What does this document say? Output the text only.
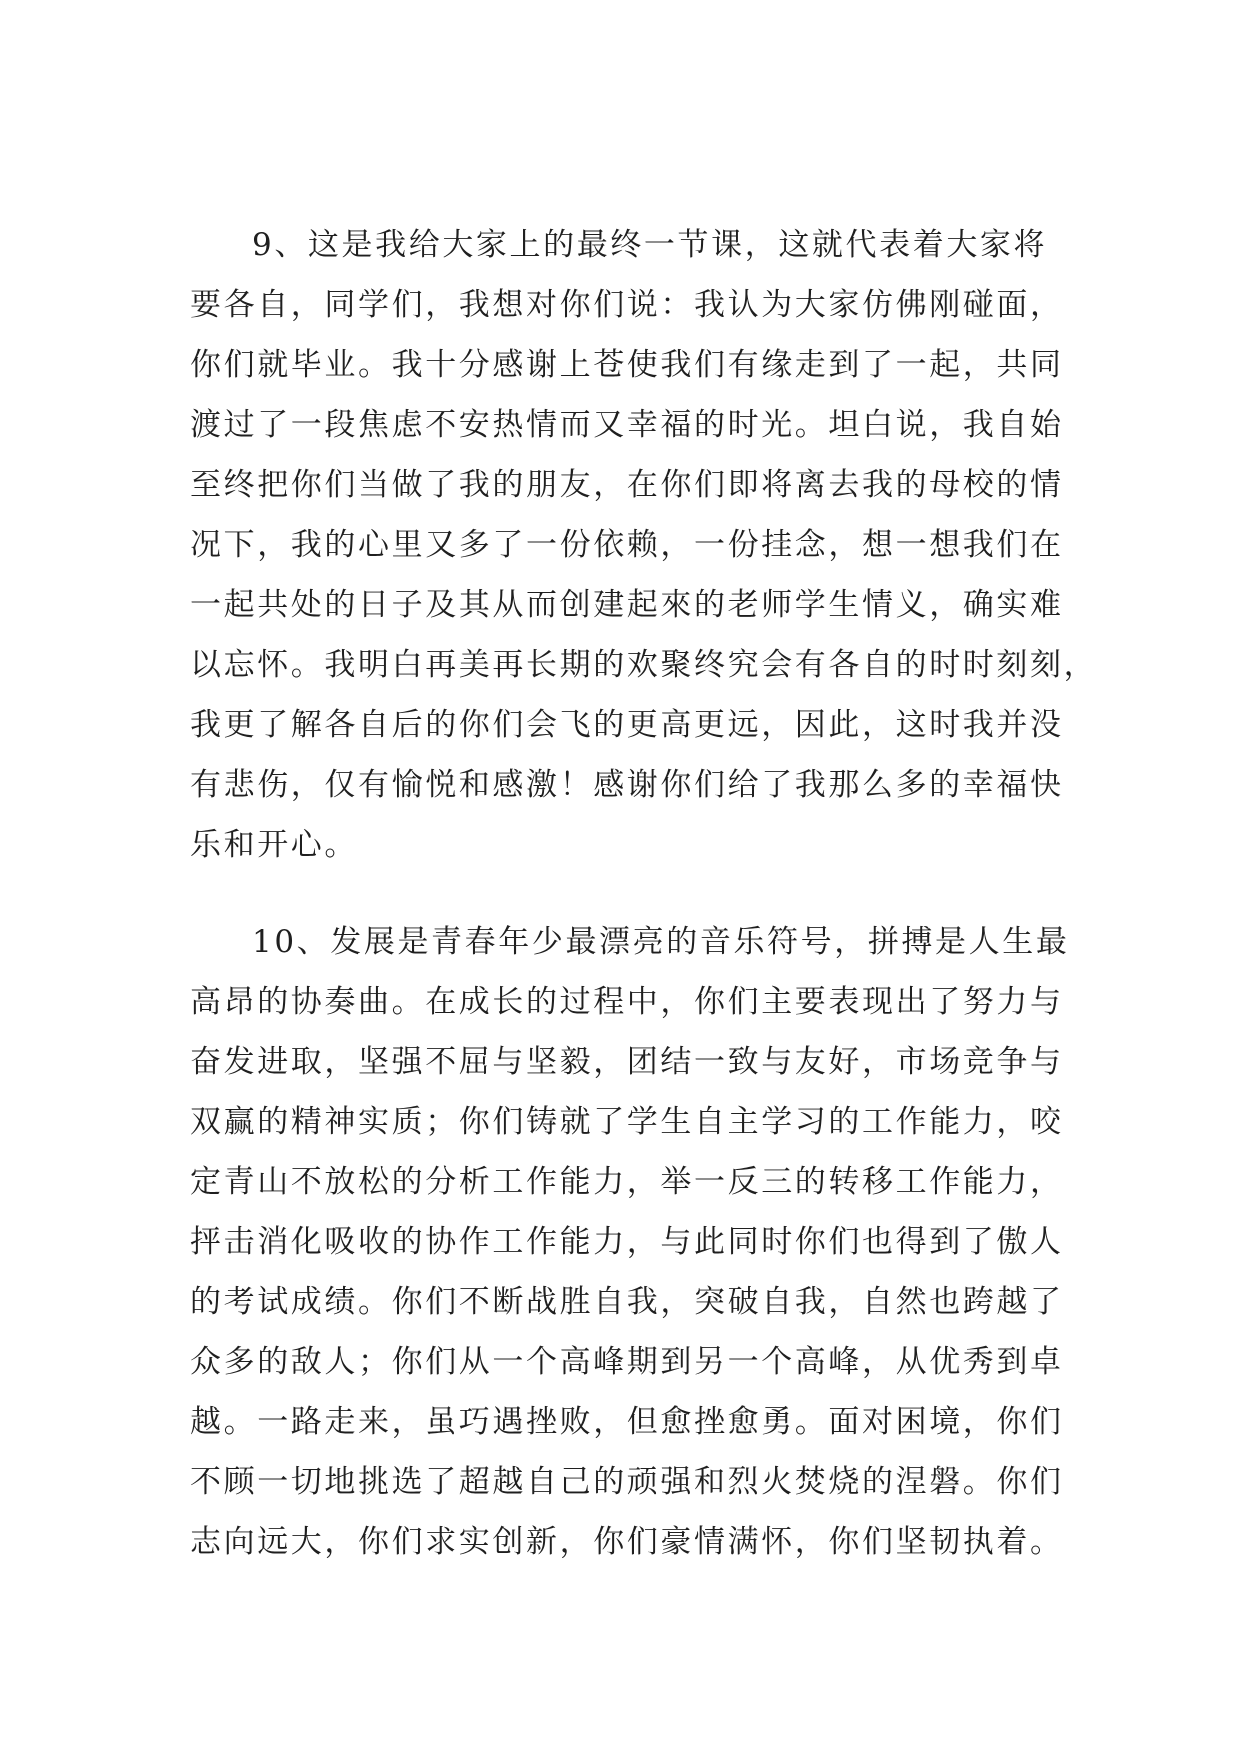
9、这是我给大家上的最终一节课，这就代表着大家将
要各自，同学们，我想对你们说：我认为大家仿佛刚碰面，
你们就毕业。我十分感谢上苍使我们有缘走到了一起，共同
渡过了一段焦虑不安热情而又幸福的时光。坦白说，我自始
至终把你们当做了我的朋友，在你们即将离去我的母校的情
况下，我的心里又多了一份依赖，一份挂念，想一想我们在
一起共处的日子及其从而创建起來的老师学生情义，确实难
以忘怀。我明白再美再长期的欢聚终究会有各自的时时刻刻，
我更了解各自后的你们会飞的更高更远，因此，这时我并没
有悲伤，仅有愉悦和感激！感谢你们给了我那么多的幸福快
乐和开心。
10、发展是青春年少最漂亮的音乐符号，拼搏是人生最
高昂的协奏曲。在成长的过程中，你们主要表现出了努力与
奋发进取，坚强不屈与坚毅，团结一致与友好，市场竞争与
双赢的精神实质；你们铸就了学生自主学习的工作能力，咬
定青山不放松的分析工作能力，举一反三的转移工作能力，
抨击消化吸收的协作工作能力，与此同时你们也得到了傲人
的考试成绩。你们不断战胜自我，突破自我，自然也跨越了
众多的敌人；你们从一个高峰期到另一个高峰，从优秀到卓
越。一路走来，虽巧遇挫败，但愈挫愈勇。面对困境，你们
不顾一切地挑选了超越自己的顽强和烈火焚烧的涅磐。你们
志向远大，你们求实创新，你们豪情满怀，你们坚韧执着。
